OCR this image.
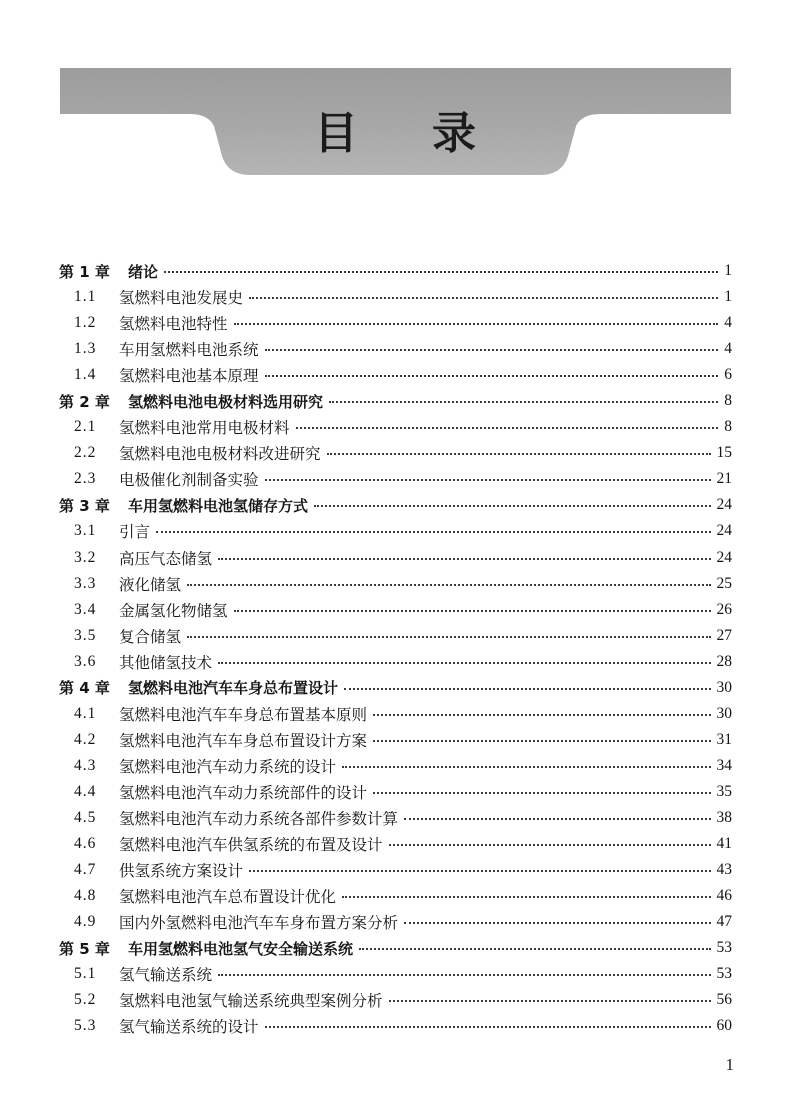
目 录
第 1 章	绪论	1
1.1	氢燃料电池发展史	1
1.2	氢燃料电池特性	4
1.3	车用氢燃料电池系统	4
1.4	氢燃料电池基本原理	6
第 2 章	氢燃料电池电极材料选用研究	8
2.1	氢燃料电池常用电极材料	8
2.2	氢燃料电池电极材料改进研究	15
2.3	电极催化剂制备实验	21
第 3 章	车用氢燃料电池氢储存方式	24
3.1	引言	24
3.2	高压气态储氢	24
3.3	液化储氢	25
3.4	金属氢化物储氢	26
3.5	复合储氢	27
3.6	其他储氢技术	28
第 4 章	氢燃料电池汽车车身总布置设计	30
4.1	氢燃料电池汽车车身总布置基本原则	30
4.2	氢燃料电池汽车车身总布置设计方案	31
4.3	氢燃料电池汽车动力系统的设计	34
4.4	氢燃料电池汽车动力系统部件的设计	35
4.5	氢燃料电池汽车动力系统各部件参数计算	38
4.6	氢燃料电池汽车供氢系统的布置及设计	41
4.7	供氢系统方案设计	43
4.8	氢燃料电池汽车总布置设计优化	46
4.9	国内外氢燃料电池汽车车身布置方案分析	47
第 5 章	车用氢燃料电池氢气安全输送系统	53
5.1	氢气输送系统	53
5.2	氢燃料电池氢气输送系统典型案例分析	56
5.3	氢气输送系统的设计	60
1
